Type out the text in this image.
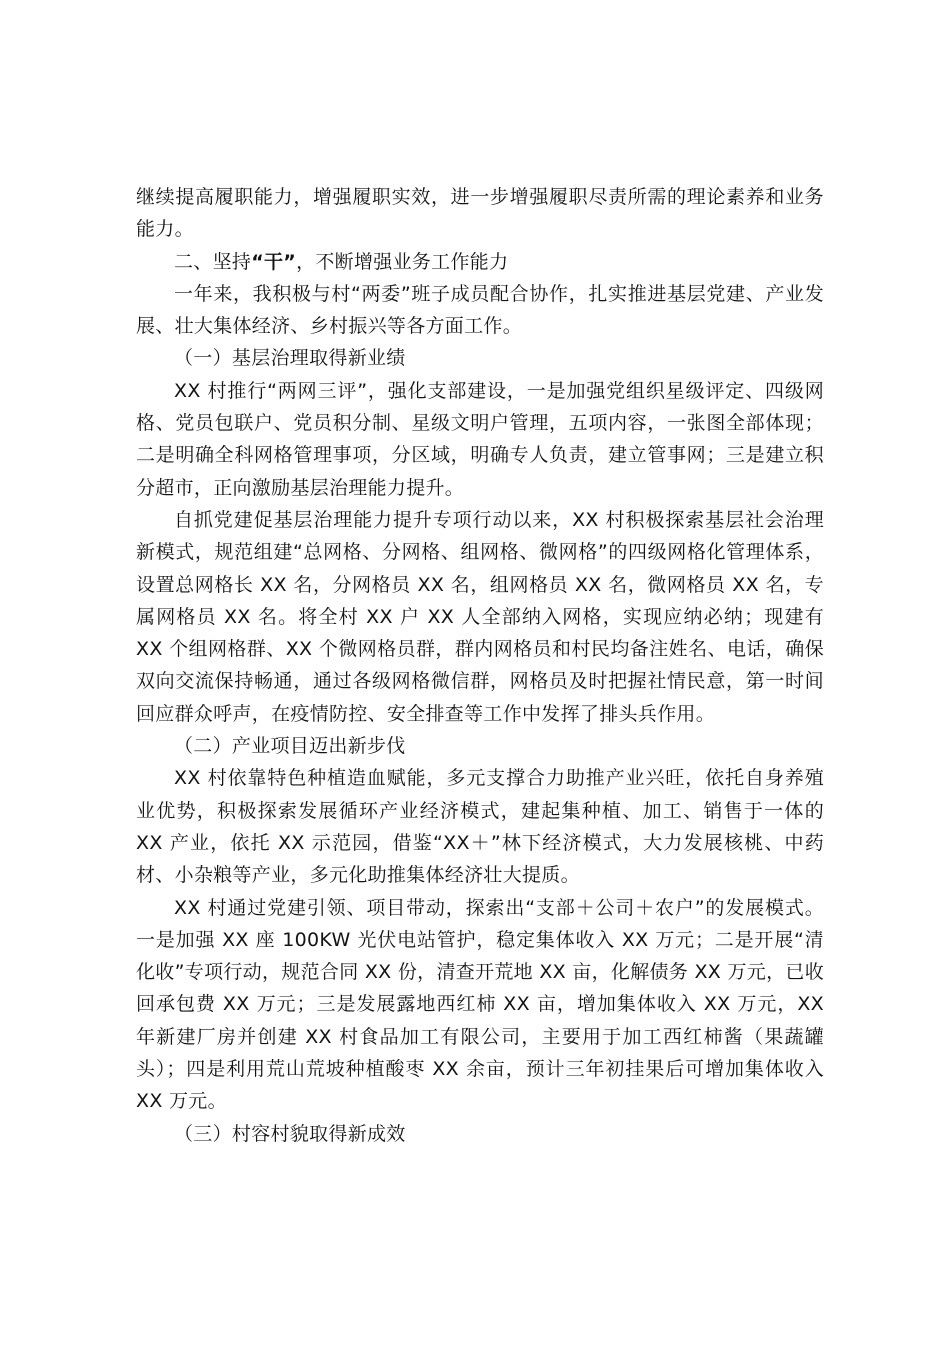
继续提高履职能力，增强履职实效，进一步增强履职尽责所需的理论素养和业务能力。

二、坚持“干”，不断增强业务工作能力

一年来，我积极与村“两委”班子成员配合协作，扎实推进基层党建、产业发展、壮大集体经济、乡村振兴等各方面工作。

（一）基层治理取得新业绩

XX 村推行“两网三评”，强化支部建设，一是加强党组织星级评定、四级网格、党员包联户、党员积分制、星级文明户管理，五项内容，一张图全部体现；二是明确全科网格管理事项，分区域，明确专人负责，建立管事网；三是建立积分超市，正向激励基层治理能力提升。

自抓党建促基层治理能力提升专项行动以来，XX 村积极探索基层社会治理新模式，规范组建“总网格、分网格、组网格、微网格”的四级网格化管理体系，设置总网格长 XX 名，分网格员 XX 名，组网格员 XX 名，微网格员 XX 名，专属网格员 XX 名。将全村 XX 户 XX 人全部纳入网格，实现应纳必纳；现建有 XX 个组网格群、XX 个微网格员群，群内网格员和村民均备注姓名、电话，确保双向交流保持畅通，通过各级网格微信群，网格员及时把握社情民意，第一时间回应群众呼声，在疫情防控、安全排查等工作中发挥了排头兵作用。

（二）产业项目迈出新步伐

XX 村依靠特色种植造血赋能，多元支撑合力助推产业兴旺，依托自身养殖业优势，积极探索发展循环产业经济模式，建起集种植、加工、销售于一体的 XX 产业，依托 XX 示范园，借鉴“XX＋”林下经济模式，大力发展核桃、中药材、小杂粮等产业，多元化助推集体经济壮大提质。

XX 村通过党建引领、项目带动，探索出“支部＋公司＋农户”的发展模式。一是加强 XX 座 100KW 光伏电站管护，稳定集体收入 XX 万元；二是开展“清化收”专项行动，规范合同 XX 份，清查开荒地 XX 亩，化解债务 XX 万元，已收回承包费 XX 万元；三是发展露地西红柿 XX 亩，增加集体收入 XX 万元，XX 年新建厂房并创建 XX 村食品加工有限公司，主要用于加工西红柿酱（果蔬罐头）；四是利用荒山荒坡种植酸枣 XX 余亩，预计三年初挂果后可增加集体收入 XX 万元。

（三）村容村貌取得新成效
